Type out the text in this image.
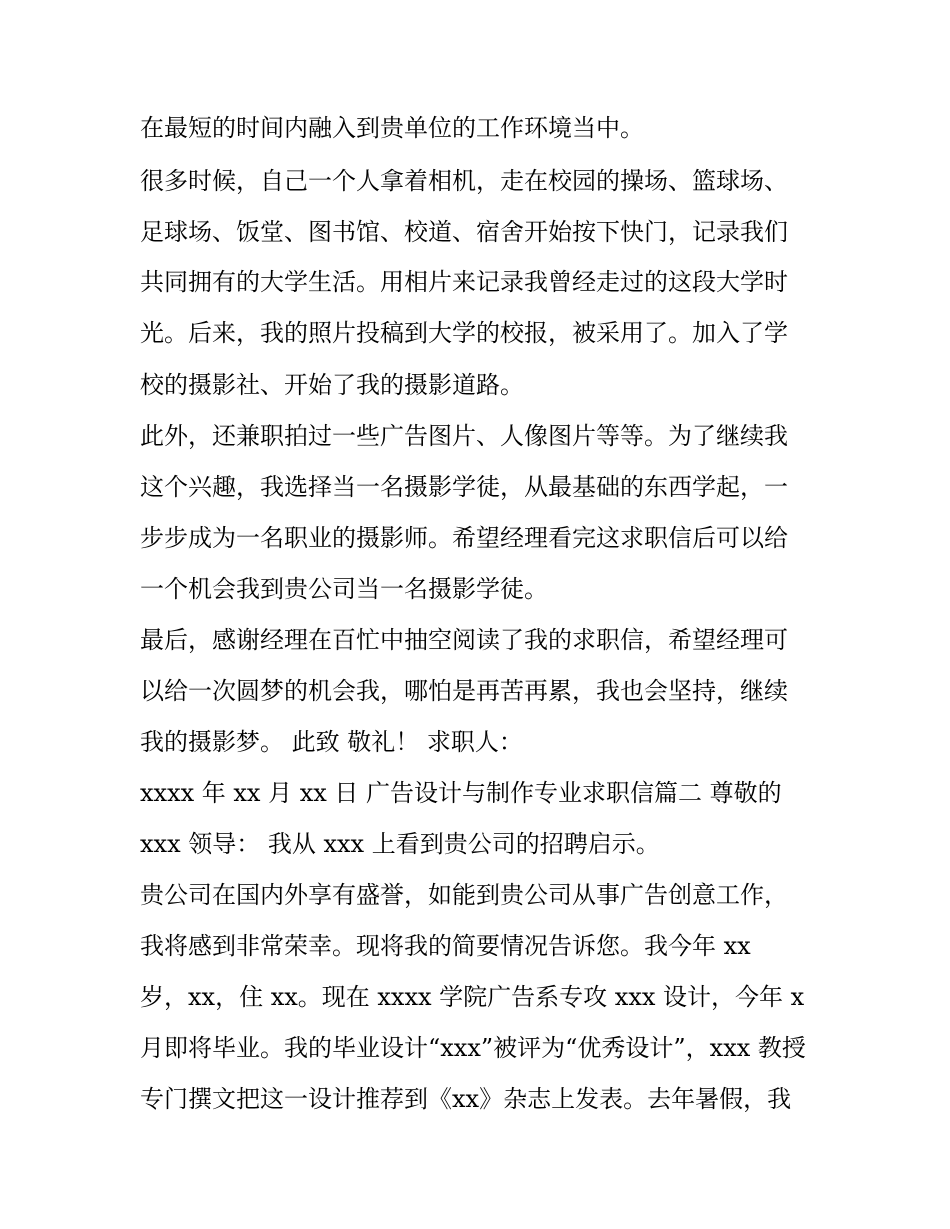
在最短的时间内融入到贵单位的工作环境当中。
很多时候，自己一个人拿着相机，走在校园的操场、篮球场、
足球场、饭堂、图书馆、校道、宿舍开始按下快门，记录我们
共同拥有的大学生活。用相片来记录我曾经走过的这段大学时
光。后来，我的照片投稿到大学的校报，被采用了。加入了学
校的摄影社、开始了我的摄影道路。
此外，还兼职拍过一些广告图片、人像图片等等。为了继续我
这个兴趣，我选择当一名摄影学徒，从最基础的东西学起，一
步步成为一名职业的摄影师。希望经理看完这求职信后可以给
一个机会我到贵公司当一名摄影学徒。
最后，感谢经理在百忙中抽空阅读了我的求职信，希望经理可
以给一次圆梦的机会我，哪怕是再苦再累，我也会坚持，继续
我的摄影梦。 此致 敬礼！ 求职人：
xxxx 年 xx 月 xx 日 广告设计与制作专业求职信篇二 尊敬的
xxx 领导： 我从 xxx 上看到贵公司的招聘启示。
贵公司在国内外享有盛誉，如能到贵公司从事广告创意工作，
我将感到非常荣幸。现将我的简要情况告诉您。我今年 xx
岁，xx，住 xx。现在 xxxx 学院广告系专攻 xxx 设计，今年 x
月即将毕业。我的毕业设计“xxx”被评为“优秀设计”，xxx 教授
专门撰文把这一设计推荐到《xx》杂志上发表。去年暑假，我
